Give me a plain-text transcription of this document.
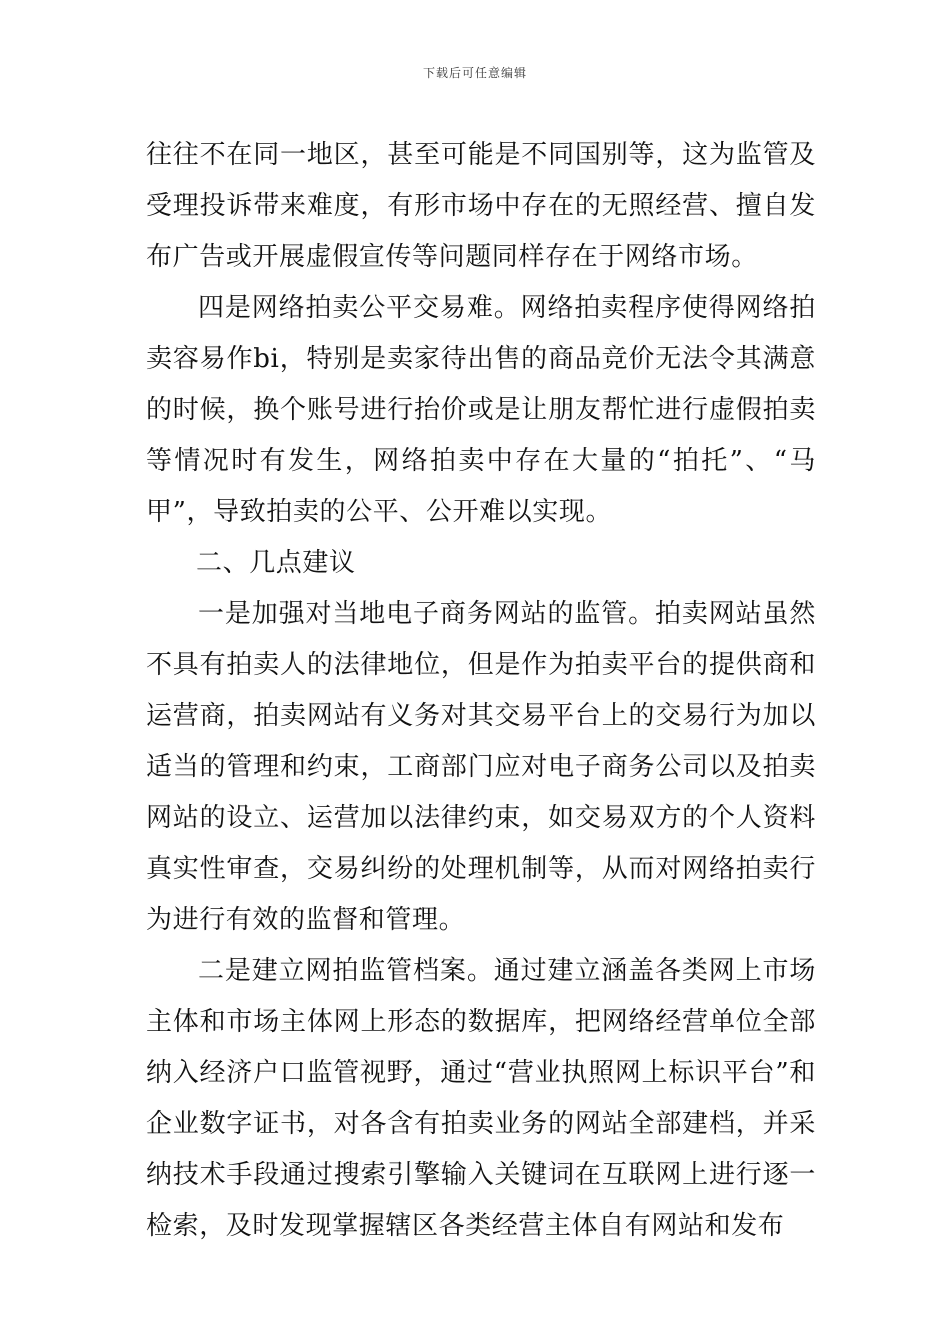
下载后可任意编辑

往往不在同一地区，甚至可能是不同国别等，这为监管及受理投诉带来难度，有形市场中存在的无照经营、擅自发布广告或开展虚假宣传等问题同样存在于网络市场。

四是网络拍卖公平交易难。网络拍卖程序使得网络拍卖容易作bi，特别是卖家待出售的商品竞价无法令其满意的时候，换个账号进行抬价或是让朋友帮忙进行虚假拍卖等情况时有发生，网络拍卖中存在大量的“拍托”、“马甲”，导致拍卖的公平、公开难以实现。

二、几点建议

一是加强对当地电子商务网站的监管。拍卖网站虽然不具有拍卖人的法律地位，但是作为拍卖平台的提供商和运营商，拍卖网站有义务对其交易平台上的交易行为加以适当的管理和约束，工商部门应对电子商务公司以及拍卖网站的设立、运营加以法律约束，如交易双方的个人资料真实性审查，交易纠纷的处理机制等，从而对网络拍卖行为进行有效的监督和管理。

二是建立网拍监管档案。通过建立涵盖各类网上市场主体和市场主体网上形态的数据库，把网络经营单位全部纳入经济户口监管视野，通过“营业执照网上标识平台”和企业数字证书，对各含有拍卖业务的网站全部建档，并采纳技术手段通过搜索引擎输入关键词在互联网上进行逐一检索，及时发现掌握辖区各类经营主体自有网站和发布
